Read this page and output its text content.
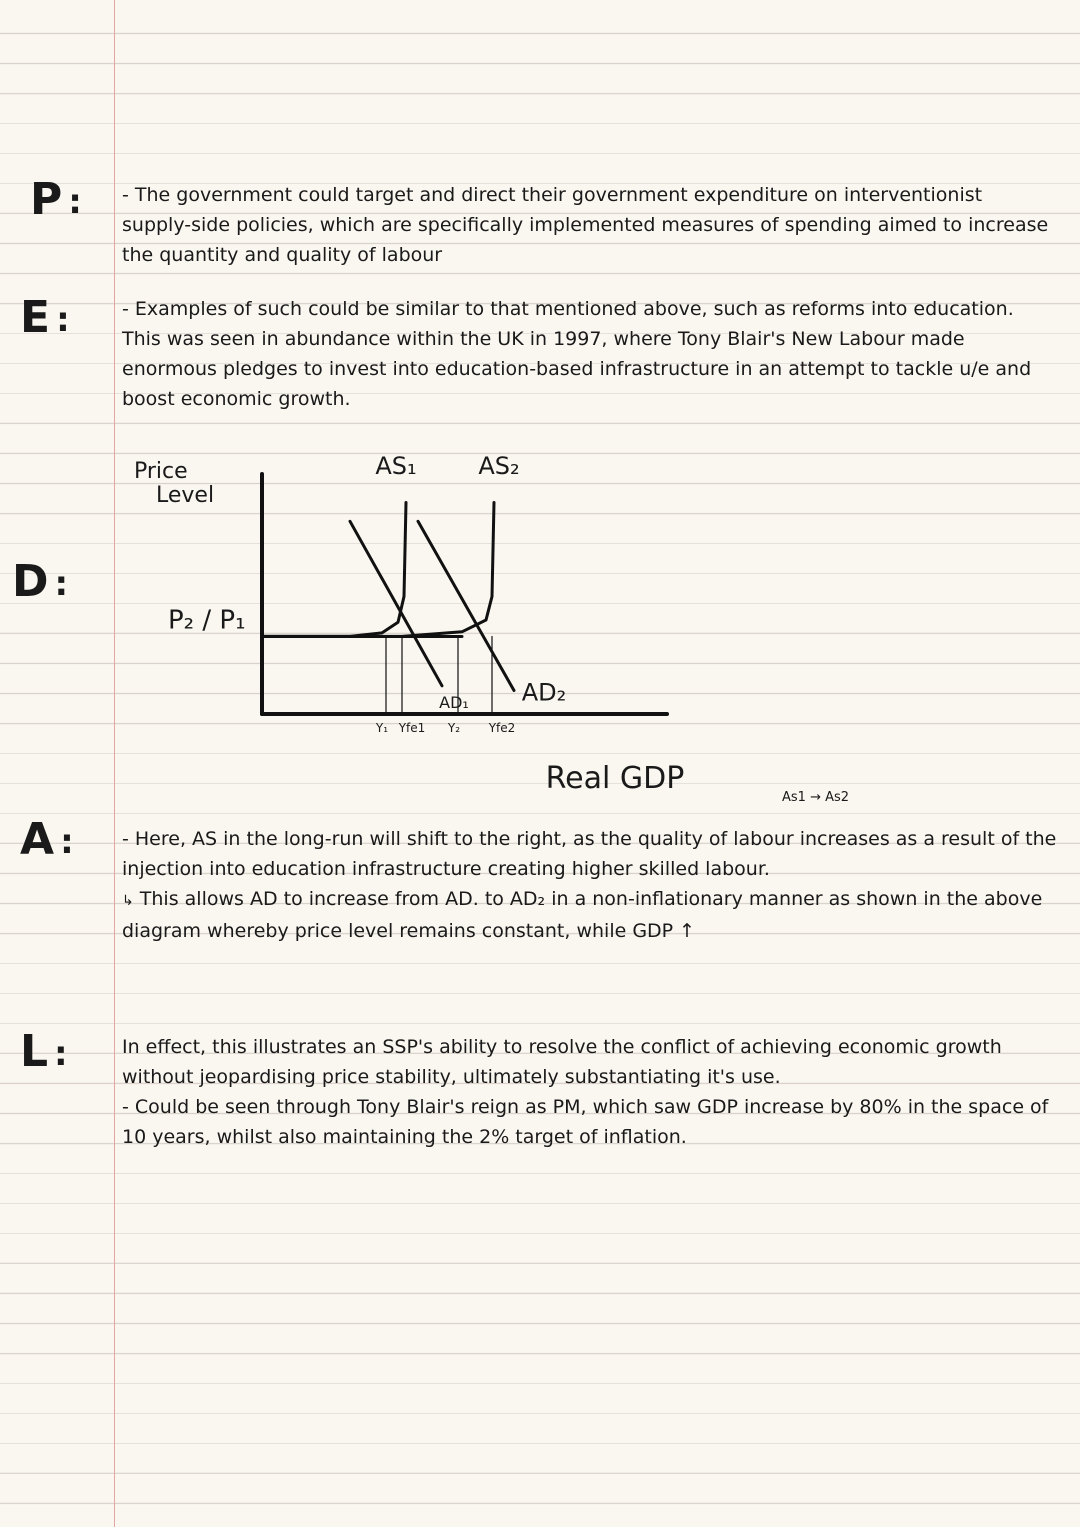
P : - The government could target and direct their government expenditure on interventionist supply-side policies, which are specifically implemented measures of spending aimed to increase the quantity and quality of labour

E :	- Examples of such could be similar to that mentioned above, such as reforms into education. This was seen in abundance within the UK in 1997, where Tony Blair's New Labour made enormous pledges to invest into education-based infrastructure in an attempt to tackle u/e and boost economic growth.

D :
Price
Level
Real GDP
P₂ / P₁
Y₁ Yfe1 Y₂ Yfe2
AS₁	AS₂
AD₁ AD₂
As1 → As2
A :	- Here, AS in the long-run will shift to the right, as the quality of labour increases as a result of the injection into education infrastructure creating higher skilled labour.

↳ This allows AD to increase from AD. to AD₂ in a non-inflationary manner as shown in the above diagram whereby price level remains constant, while GDP ↑

L :	In effect, this illustrates an SSP's ability to resolve the conflict of achieving economic growth without jeopardising price stability, ultimately substantiating it's use.

- Could be seen through Tony Blair's reign as PM, which saw GDP increase by 80% in the space of 10 years, whilst also maintaining the 2% target of inflation.
